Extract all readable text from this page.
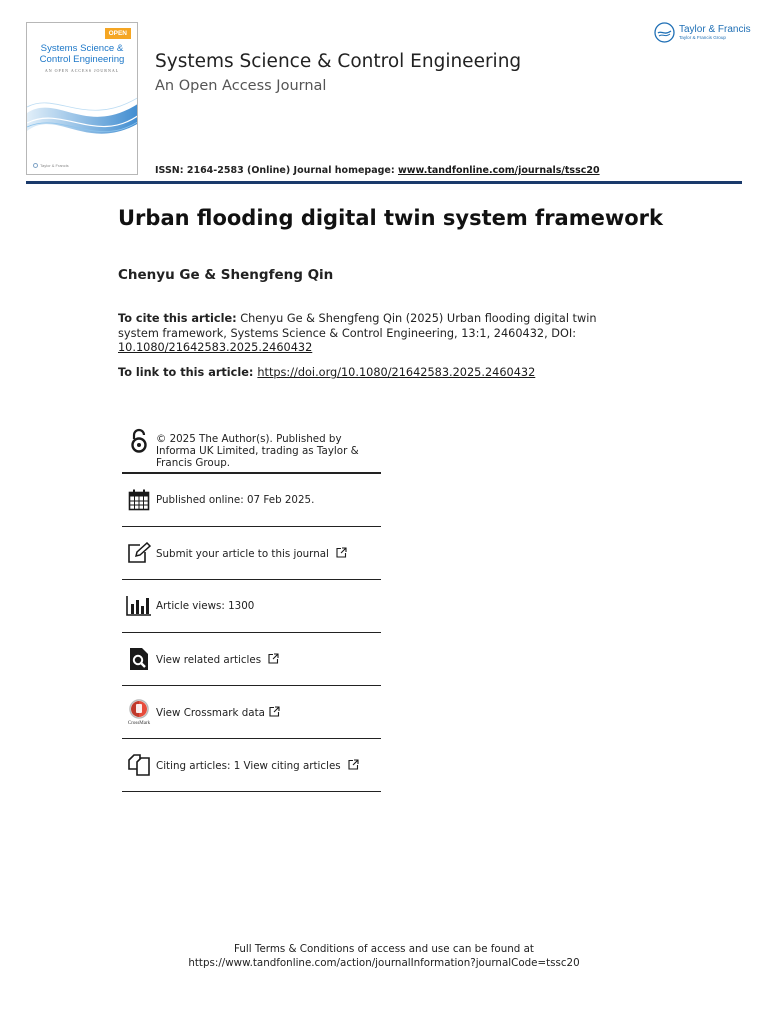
OPEN
Systems Science &
Control Engineering
AN OPEN ACCESS JOURNAL
Taylor & Francis
Systems Science & Control Engineering
An Open Access Journal
ISSN: 2164-2583 (Online) Journal homepage: www.tandfonline.com/journals/tssc20
Taylor & Francis
Taylor & Francis Group
Urban flooding digital twin system framework
Chenyu Ge & Shengfeng Qin
To cite this article: Chenyu Ge & Shengfeng Qin (2025) Urban flooding digital twin system framework, Systems Science & Control Engineering, 13:1, 2460432, DOI: 10.1080/21642583.2025.2460432
To link to this article: https://doi.org/10.1080/21642583.2025.2460432
© 2025 The Author(s). Published by Informa UK Limited, trading as Taylor & Francis Group.
Published online: 07 Feb 2025.
Submit your article to this journal
Article views: 1300
View related articles
CrossMark
View Crossmark data
Citing articles: 1 View citing articles
Full Terms & Conditions of access and use can be found at
https://www.tandfonline.com/action/journalInformation?journalCode=tssc20
